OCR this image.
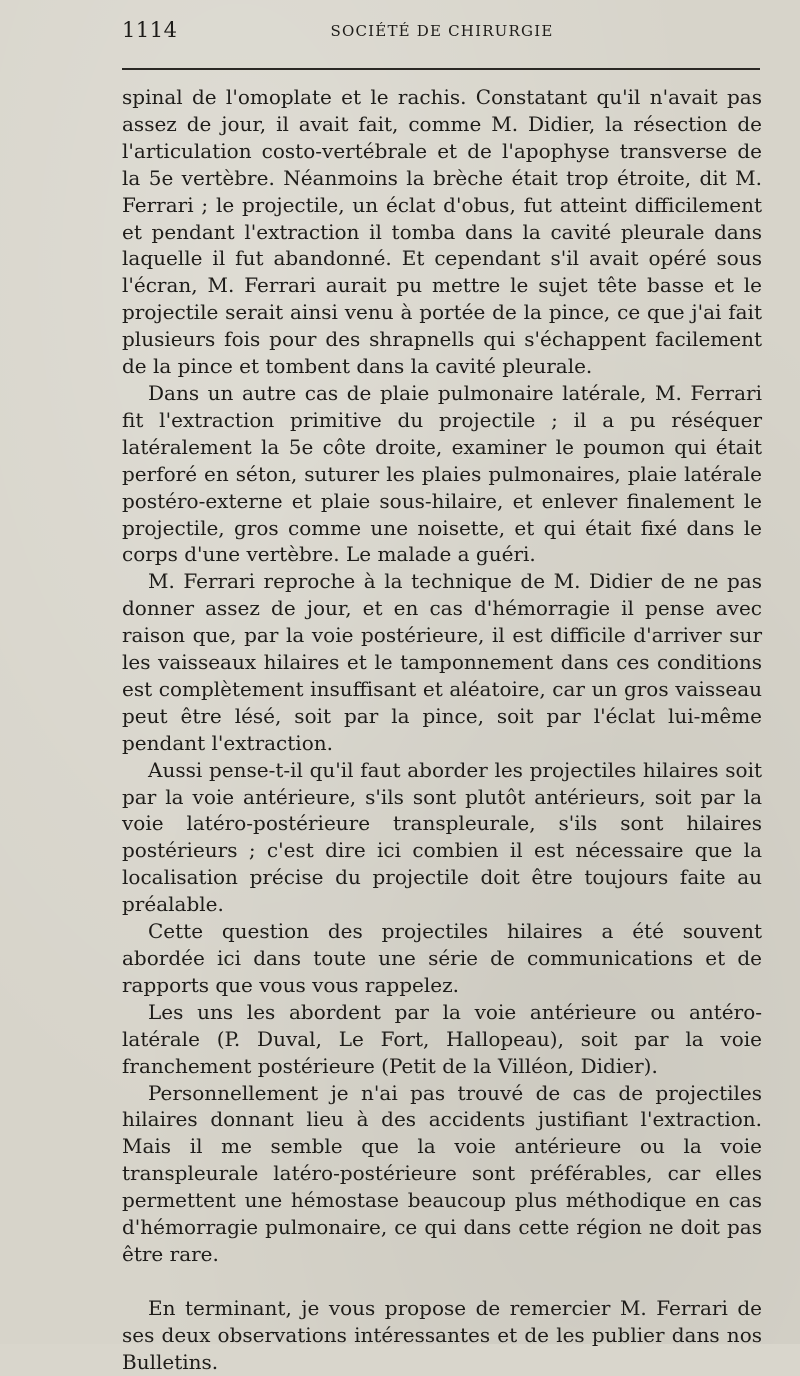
1114	SOCIÉTÉ DE CHIRURGIE

spinal de l'omoplate et le rachis. Constatant qu'il n'avait pas assez de jour, il avait fait, comme M. Didier, la résection de l'articulation costo-vertébrale et de l'apophyse transverse de la 5e vertèbre. Néanmoins la brèche était trop étroite, dit M. Ferrari ; le projectile, un éclat d'obus, fut atteint difficilement et pendant l'extraction il tomba dans la cavité pleurale dans laquelle il fut abandonné. Et cependant s'il avait opéré sous l'écran, M. Ferrari aurait pu mettre le sujet tête basse et le projectile serait ainsi venu à portée de la pince, ce que j'ai fait plusieurs fois pour des shrapnells qui s'échappent facilement de la pince et tombent dans la cavité pleurale.

Dans un autre cas de plaie pulmonaire latérale, M. Ferrari fit l'extraction primitive du projectile ; il a pu réséquer latéralement la 5e côte droite, examiner le poumon qui était perforé en séton, suturer les plaies pulmonaires, plaie latérale postéro-externe et plaie sous-hilaire, et enlever finalement le projectile, gros comme une noisette, et qui était fixé dans le corps d'une vertèbre. Le malade a guéri.

M. Ferrari reproche à la technique de M. Didier de ne pas donner assez de jour, et en cas d'hémorragie il pense avec raison que, par la voie postérieure, il est difficile d'arriver sur les vaisseaux hilaires et le tamponnement dans ces conditions est complètement insuffisant et aléatoire, car un gros vaisseau peut être lésé, soit par la pince, soit par l'éclat lui-même pendant l'extraction.

Aussi pense-t-il qu'il faut aborder les projectiles hilaires soit par la voie antérieure, s'ils sont plutôt antérieurs, soit par la voie latéro-postérieure transpleurale, s'ils sont hilaires postérieurs ; c'est dire ici combien il est nécessaire que la localisation précise du projectile doit être toujours faite au préalable.

Cette question des projectiles hilaires a été souvent abordée ici dans toute une série de communications et de rapports que vous vous rappelez.

Les uns les abordent par la voie antérieure ou antéro-latérale (P. Duval, Le Fort, Hallopeau), soit par la voie franchement postérieure (Petit de la Villéon, Didier).

Personnellement je n'ai pas trouvé de cas de projectiles hilaires donnant lieu à des accidents justifiant l'extraction. Mais il me semble que la voie antérieure ou la voie transpleurale latéro-postérieure sont préférables, car elles permettent une hémostase beaucoup plus méthodique en cas d'hémorragie pulmonaire, ce qui dans cette région ne doit pas être rare.

En terminant, je vous propose de remercier M. Ferrari de ses deux observations intéressantes et de les publier dans nos Bulletins.
